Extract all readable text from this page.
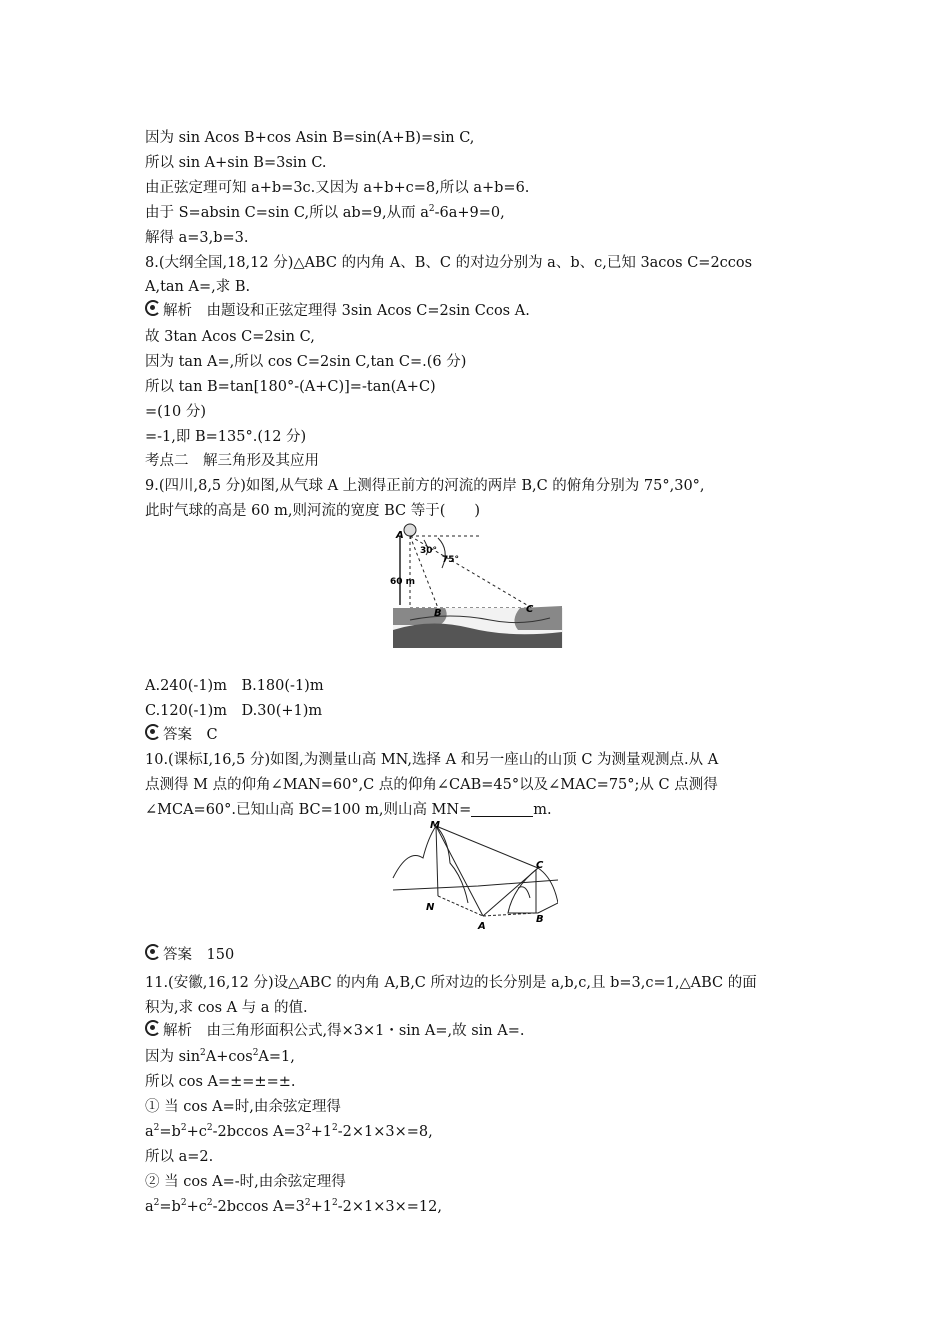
因为 sin Acos B+cos Asin B=sin(A+B)=sin C,
所以 sin A+sin B=3sin C.
由正弦定理可知 a+b=3c.又因为 a+b+c=8,所以 a+b=6.
由于 S=absin C=sin C,所以 ab=9,从而 $a^2-6a+9=0$,
解得 a=3,b=3.
8.(大纲全国,18,12 分)△ABC 的内角 A、B、C 的对边分别为 a、b、c,已知 3acos C=2ccos
A,tan A=,求 B.
解析　 由题设和正弦定理得 3sin Acos C=2sin Ccos A.
故 3tan Acos C=2sin C,
因为 tan A=,所以 cos C=2sin C,tan C=.(6 分)
所以 tan B=tan[180°-(A+C)]=-tan(A+C)
=(10 分)
=-1,即 B=135°.(12 分)
考点二　解三角形及其应用
9.(四川,8,5 分)如图,从气球 A 上测得正前方的河流的两岸 B,C 的俯角分别为 75°,30°,
此时气球的高是 60 m,则河流的宽度 BC 等于(　　)
A
B	C
60 m
30°
75°
A.240(-1)m　B.180(-1)m
C.120(-1)m　D.30(+1)m
答案　 C
10.(课标Ⅰ,16,5 分)如图,为测量山高 MN,选择 A 和另一座山的山顶 C 为测量观测点.从 A
点测得 M 点的仰角∠MAN=60°,C 点的仰角∠CAB=45°以及∠MAC=75°;从 C 点测得
∠MCA=60°.已知山高 BC=100 m,则山高 MN=	m.
M
N
A
B
C
答案　 150
11.(安徽,16,12 分)设△ABC 的内角 A,B,C 所对边的长分别是 a,b,c,且 b=3,c=1,△ABC 的面
积为,求 cos A 与 a 的值.
解析　 由三角形面积公式,得×3×1・sin A=,故 sin A=.
因为 $\sin^2A+\cos^2A=1$,
所以 cos A=±=±=±.
① 当 cos A=时,由余弦定理得
$a^2=b^2+c^2-2bccos$ $A=3^2+1^2-2\times 1\times 3\times=8$,
所以 a=2.
② 当 cos A=-时,由余弦定理得
$a^2=b^2+c^2-2bccos$ $A=3^2+1^2-2\times 1\times 3\times=12$,
